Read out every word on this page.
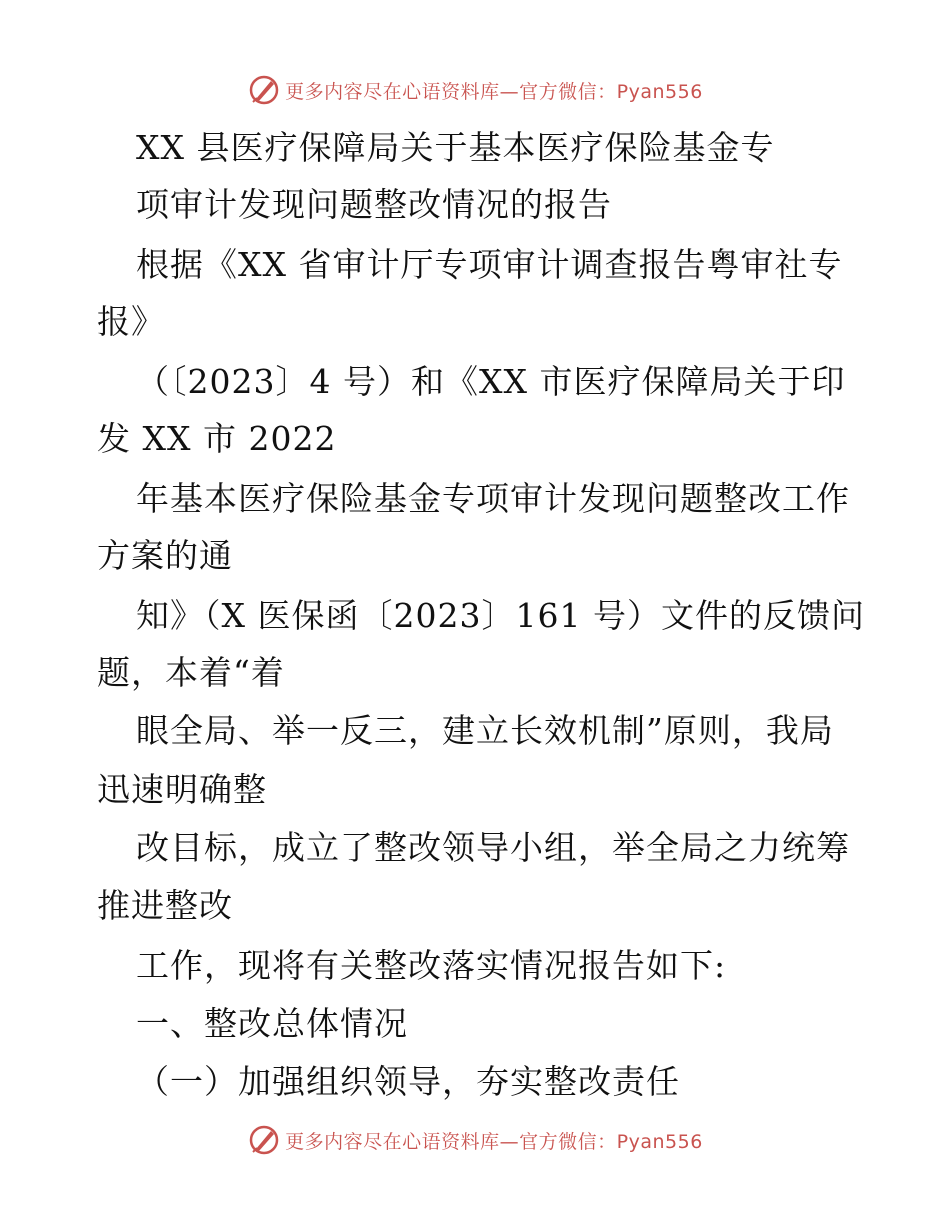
更多内容尽在心语资料库—官方微信：Pyan556
XX 县医疗保障局关于基本医疗保险基金专
项审计发现问题整改情况的报告
根据《XX 省审计厅专项审计调查报告粤审社专
报》
（〔2023〕4 号）和《XX 市医疗保障局关于印
发 XX 市 2022
年基本医疗保险基金专项审计发现问题整改工作
方案的通
知》（X 医保函〔2023〕161 号）文件的反馈问
题，本着“着
眼全局、举一反三，建立长效机制”原则，我局
迅速明确整
改目标，成立了整改领导小组，举全局之力统筹
推进整改
工作，现将有关整改落实情况报告如下:
一、整改总体情况
（一）加强组织领导，夯实整改责任
更多内容尽在心语资料库—官方微信：Pyan556
